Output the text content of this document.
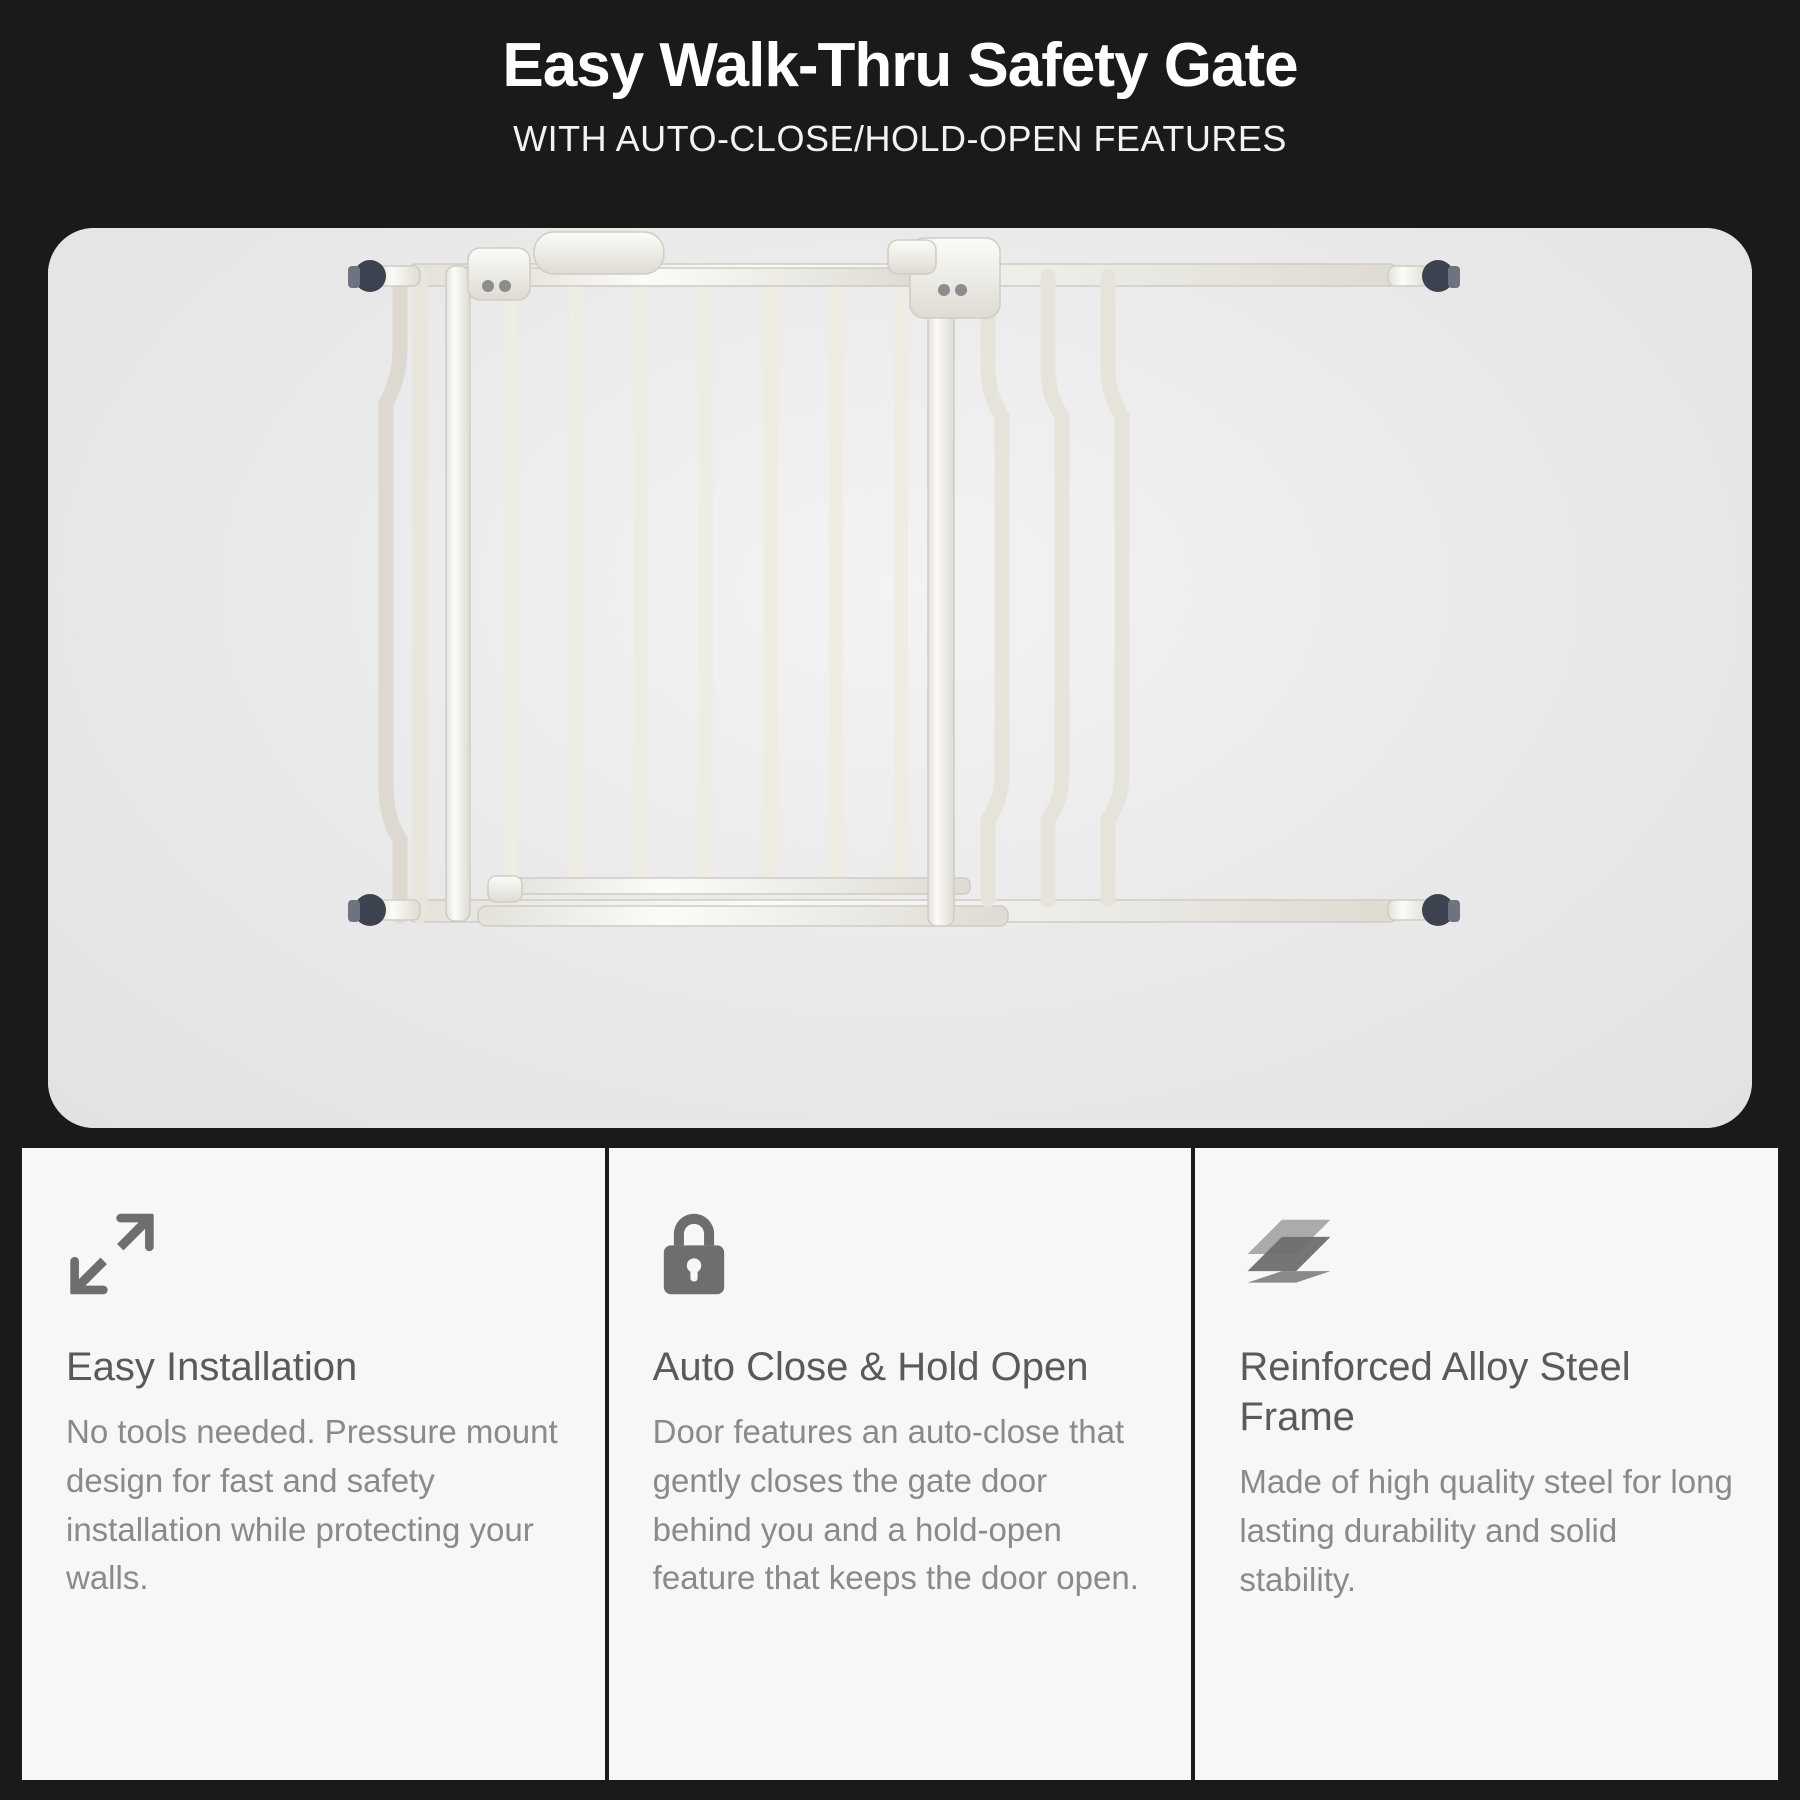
Easy Walk-Thru Safety Gate
WITH AUTO-CLOSE/HOLD-OPEN FEATURES
Easy Installation
No tools needed. Pressure mount design for fast and safety installation while protecting your walls.
Auto Close & Hold Open
Door features an auto-close that gently closes the gate door behind you and a hold-open feature that keeps the door open.
Reinforced Alloy Steel Frame
Made of high quality steel for long lasting durability and solid stability.
